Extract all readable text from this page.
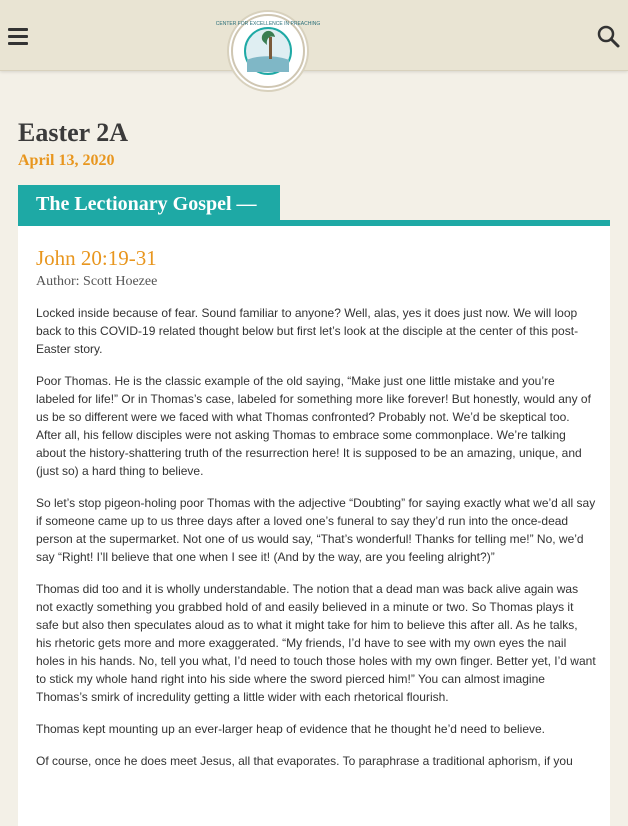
CENTER FOR EXCELLENCE IN PREACHING
Easter 2A
April 13, 2020
The Lectionary Gospel —
John 20:19-31
Author: Scott Hoezee

Locked inside because of fear. Sound familiar to anyone? Well, alas, yes it does just now. We will loop back to this COVID-19 related thought below but first let’s look at the disciple at the center of this post-Easter story.

Poor Thomas. He is the classic example of the old saying, “Make just one little mistake and you’re labeled for life!” Or in Thomas’s case, labeled for something more like forever! But honestly, would any of us be so different were we faced with what Thomas confronted? Probably not. We’d be skeptical too. After all, his fellow disciples were not asking Thomas to embrace some commonplace. We’re talking about the history-shattering truth of the resurrection here! It is supposed to be an amazing, unique, and (just so) a hard thing to believe.

So let’s stop pigeon-holing poor Thomas with the adjective “Doubting” for saying exactly what we’d all say if someone came up to us three days after a loved one’s funeral to say they’d run into the once-dead person at the supermarket. Not one of us would say, “That’s wonderful! Thanks for telling me!” No, we’d say “Right! I’ll believe that one when I see it! (And by the way, are you feeling alright?)”

Thomas did too and it is wholly understandable. The notion that a dead man was back alive again was not exactly something you grabbed hold of and easily believed in a minute or two. So Thomas plays it safe but also then speculates aloud as to what it might take for him to believe this after all. As he talks, his rhetoric gets more and more exaggerated. “My friends, I’d have to see with my own eyes the nail holes in his hands. No, tell you what, I’d need to touch those holes with my own finger. Better yet, I’d want to stick my whole hand right into his side where the sword pierced him!” You can almost imagine Thomas’s smirk of incredulity getting a little wider with each rhetorical flourish.

Thomas kept mounting up an ever-larger heap of evidence that he thought he’d need to believe.

Of course, once he does meet Jesus, all that evaporates. To paraphrase a traditional aphorism, if you
